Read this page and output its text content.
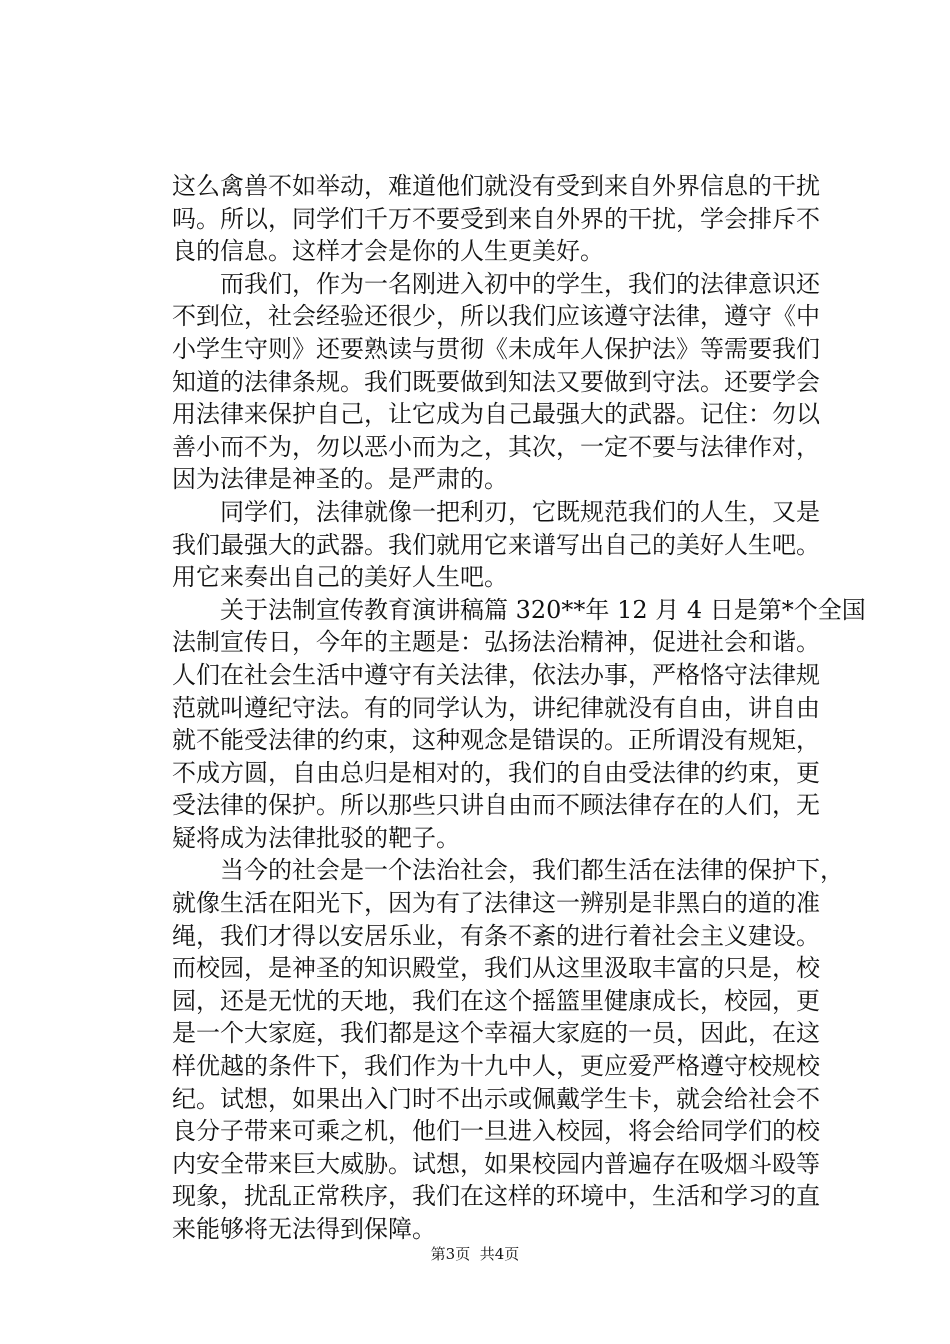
这么禽兽不如举动，难道他们就没有受到来自外界信息的干扰
吗。所以，同学们千万不要受到来自外界的干扰，学会排斥不
良的信息。这样才会是你的人生更美好。
　　而我们，作为一名刚进入初中的学生，我们的法律意识还
不到位，社会经验还很少，所以我们应该遵守法律，遵守《中
小学生守则》还要熟读与贯彻《未成年人保护法》等需要我们
知道的法律条规。我们既要做到知法又要做到守法。还要学会
用法律来保护自己，让它成为自己最强大的武器。记住：勿以
善小而不为，勿以恶小而为之，其次，一定不要与法律作对，
因为法律是神圣的。是严肃的。
　　同学们，法律就像一把利刃，它既规范我们的人生，又是
我们最强大的武器。我们就用它来谱写出自己的美好人生吧。
用它来奏出自己的美好人生吧。
　　关于法制宣传教育演讲稿篇 320**年 12 月 4 日是第*个全国
法制宣传日，今年的主题是：弘扬法治精神，促进社会和谐。
人们在社会生活中遵守有关法律，依法办事，严格恪守法律规
范就叫遵纪守法。有的同学认为，讲纪律就没有自由，讲自由
就不能受法律的约束，这种观念是错误的。正所谓没有规矩，
不成方圆，自由总归是相对的，我们的自由受法律的约束，更
受法律的保护。所以那些只讲自由而不顾法律存在的人们，无
疑将成为法律批驳的靶子。
　　当今的社会是一个法治社会，我们都生活在法律的保护下，
就像生活在阳光下，因为有了法律这一辨别是非黑白的道的准
绳，我们才得以安居乐业，有条不紊的进行着社会主义建设。
而校园，是神圣的知识殿堂，我们从这里汲取丰富的只是，校
园，还是无忧的天地，我们在这个摇篮里健康成长，校园，更
是一个大家庭，我们都是这个幸福大家庭的一员，因此，在这
样优越的条件下，我们作为十九中人，更应爱严格遵守校规校
纪。试想，如果出入门时不出示或佩戴学生卡，就会给社会不
良分子带来可乘之机，他们一旦进入校园，将会给同学们的校
内安全带来巨大威胁。试想，如果校园内普遍存在吸烟斗殴等
现象，扰乱正常秩序，我们在这样的环境中，生活和学习的直
来能够将无法得到保障。
第3页 共4页
